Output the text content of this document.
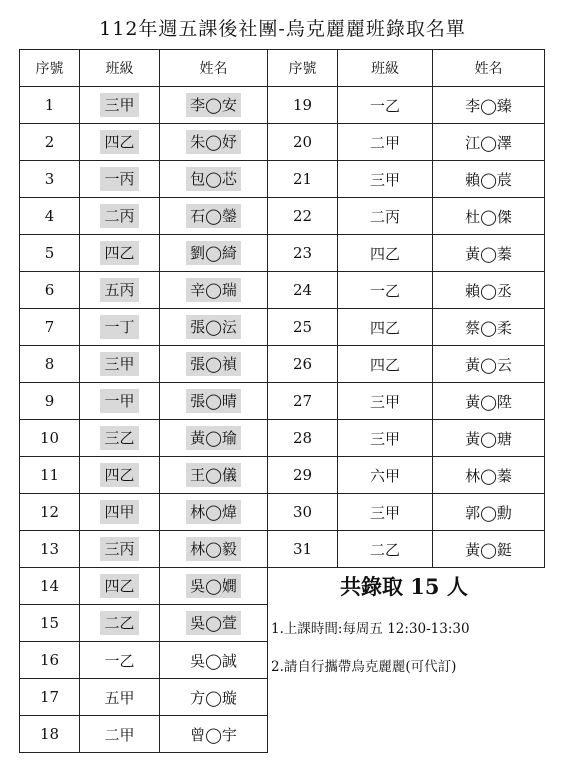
112年週五課後社團-烏克麗麗班錄取名單
序號	班級	姓名	序號	班級	姓名
1	三甲	李◯安	19	一乙	李◯臻
2	四乙	朱◯妤	20	二甲	江◯澤
3	一丙	包◯芯	21	三甲	賴◯莀
4	二丙	石◯鎣	22	二丙	杜◯傑
5	四乙	劉◯綺	23	四乙	黃◯蓁
6	五丙	辛◯瑞	24	一乙	賴◯丞
7	一丁	張◯沄	25	四乙	蔡◯柔
8	三甲	張◯禎	26	四乙	黃◯云
9	一甲	張◯晴	27	三甲	黃◯陞
10	三乙	黃◯瑜	28	三甲	黃◯瑭
11	四乙	王◯儀	29	六甲	林◯蓁
12	四甲	林◯煒	30	三甲	郭◯勳
13	三丙	林◯毅	31	二乙	黃◯鋌
14	四乙	吳◯嫺			
15	二乙	吳◯萱			
16	一乙	吳◯誠			
17	五甲	方◯璇			
18	二甲	曾◯宇			
共錄取 15 人
1.上課時間:每周五 12:30-13:30
2.請自行攜帶烏克麗麗(可代訂)
